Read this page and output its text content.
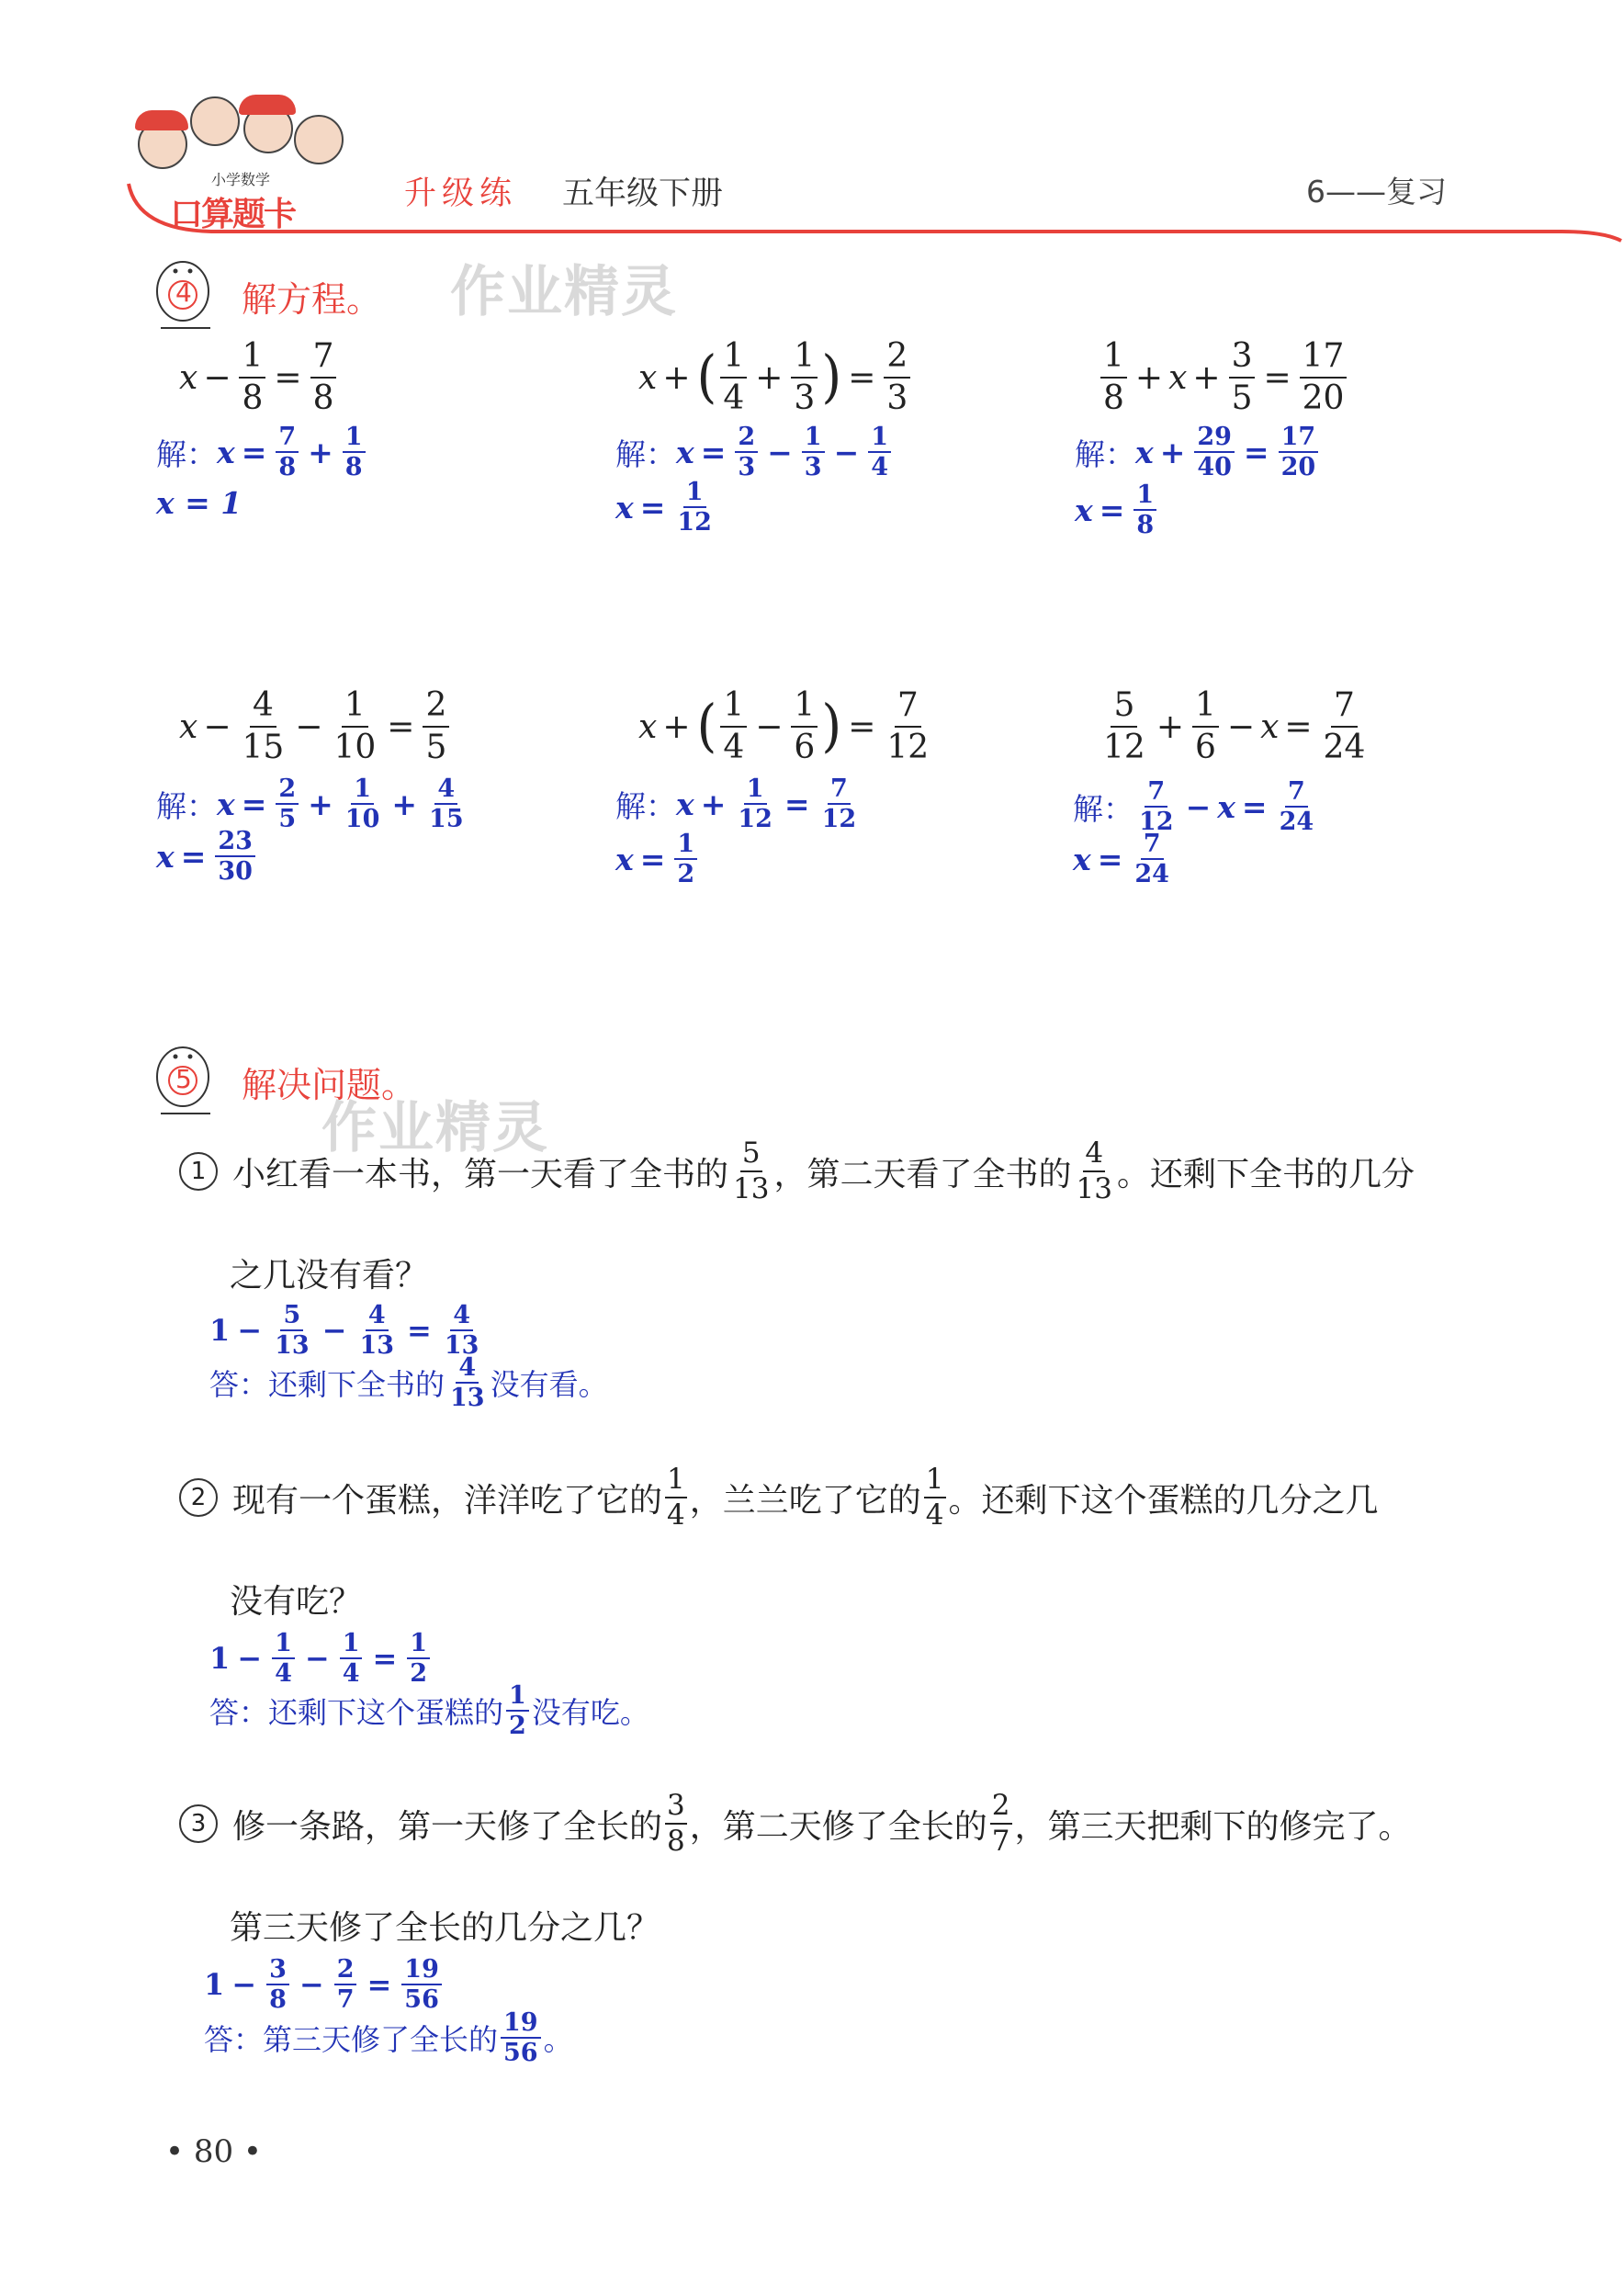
小学数学
口算题卡
升级练 五年级下册	6——复习
4 解方程。 作业精灵
$x - \frac{1}{8} = \frac{7}{8}$
解： $x = \frac{7}{8} + \frac{1}{8}$
x = 1
x + ( $\frac{1}{4} + \frac{1}{3}$ ) = $\frac{2}{3}$
解： $x = \frac{2}{3} - \frac{1}{3} - \frac{1}{4}$
$x = \frac{1}{12}$
$\frac{1}{8} + x + \frac{3}{5} = \frac{17}{20}$
解： $x + \frac{29}{40} = \frac{17}{20}$
$x = \frac{1}{8}$
$x - \frac{4}{15} - \frac{1}{10} = \frac{2}{5}$
解： $x = \frac{2}{5} + \frac{1}{10} + \frac{4}{15}$
$x = \frac{23}{30}$
x + ( $\frac{1}{4} - \frac{1}{6}$ ) = $\frac{7}{12}$
解： $x + \frac{1}{12} = \frac{7}{12}$
$x = \frac{1}{2}$
$\frac{5}{12} + \frac{1}{6} - x = \frac{7}{24}$
解： $\frac{7}{12} - x = \frac{7}{24}$
$x = \frac{7}{24}$
5 解决问题。
作业精灵
1 小红看一本书，第一天看了全书的 $\frac{5}{13}$ ，第二天看了全书的 $\frac{4}{13}$ 。还剩下全书的几分
之几没有看？
$1 - \frac{5}{13} - \frac{4}{13} = \frac{4}{13}$
答：还剩下全书的 $\frac{4}{13}$ 没有看。
2 现有一个蛋糕，洋洋吃了它的 $\frac{1}{4}$ ，兰兰吃了它的 $\frac{1}{4}$ 。还剩下这个蛋糕的几分之几
没有吃？
$1 - \frac{1}{4} - \frac{1}{4} = \frac{1}{2}$
答：还剩下这个蛋糕的 $\frac{1}{2}$ 没有吃。
3 修一条路，第一天修了全长的 $\frac{3}{8}$ ，第二天修了全长的 $\frac{2}{7}$ ，第三天把剩下的修完了。
第三天修了全长的几分之几？
$1 - \frac{3}{8} - \frac{2}{7} = \frac{19}{56}$
答：第三天修了全长的 $\frac{19}{56}$ 。
• 80 •
